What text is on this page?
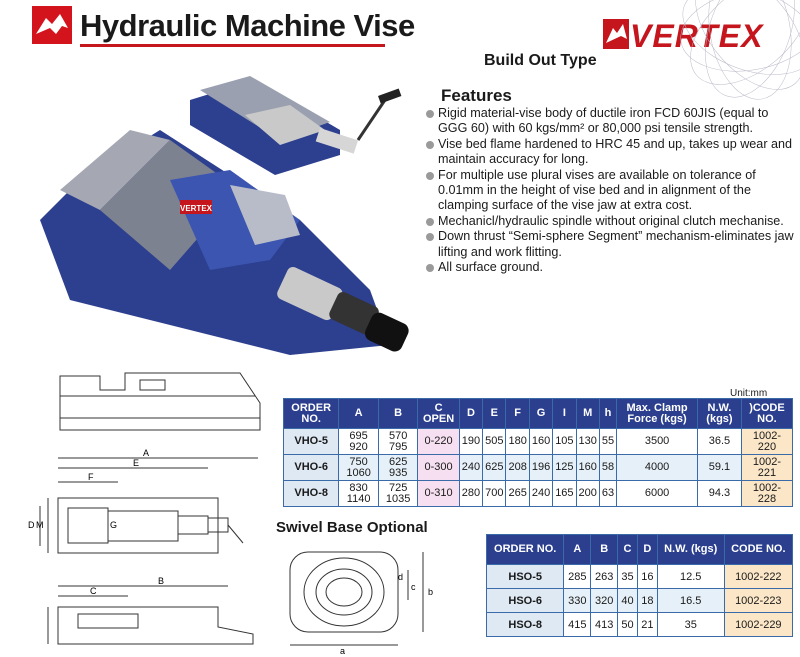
Hydraulic Machine Vise
Build Out Type
VERTEX
VERTEX
Features
Rigid material-vise body of ductile iron FCD 60JIS (equal to GGG 60) with 60 kgs/mm² or 80,000 psi tensile strength.
Vise bed flame hardened to HRC 45 and up, takes up wear and maintain accuracy for long.
For multiple use plural vises are available on tolerance of 0.01mm in the height of vise bed and in alignment of the clamping surface of the vise jaw at extra cost.
Mechanicl/hydraulic spindle without original clutch mechanise.
Down thrust “Semi-sphere Segment” mechanism-eliminates jaw lifting and work flitting.
All surface ground.
A
E
F
D M	G
B
C
Unit:mm
ORDER NO.	A	B	C OPEN	D	E	F	G	I	M	h	Max. Clamp Force (kgs)	N.W. (kgs)	)CODE NO.
VHO-5	695 920	570 795	0-220	190	505	180	160	105	130	55	3500	36.5	1002-220
VHO-6	750 1060	625 935	0-300	240	625	208	196	125	160	58	4000	59.1	1002-221
VHO-8	830 1140	725 1035	0-310	280	700	265	240	165	200	63	6000	94.3	1002-228
Swivel Base Optional
a
b
c
d
ORDER NO.	A	B	C	D	N.W. (kgs)	CODE NO.
HSO-5	285	263	35	16	12.5	1002-222
HSO-6	330	320	40	18	16.5	1002-223
HSO-8	415	413	50	21	35	1002-229
